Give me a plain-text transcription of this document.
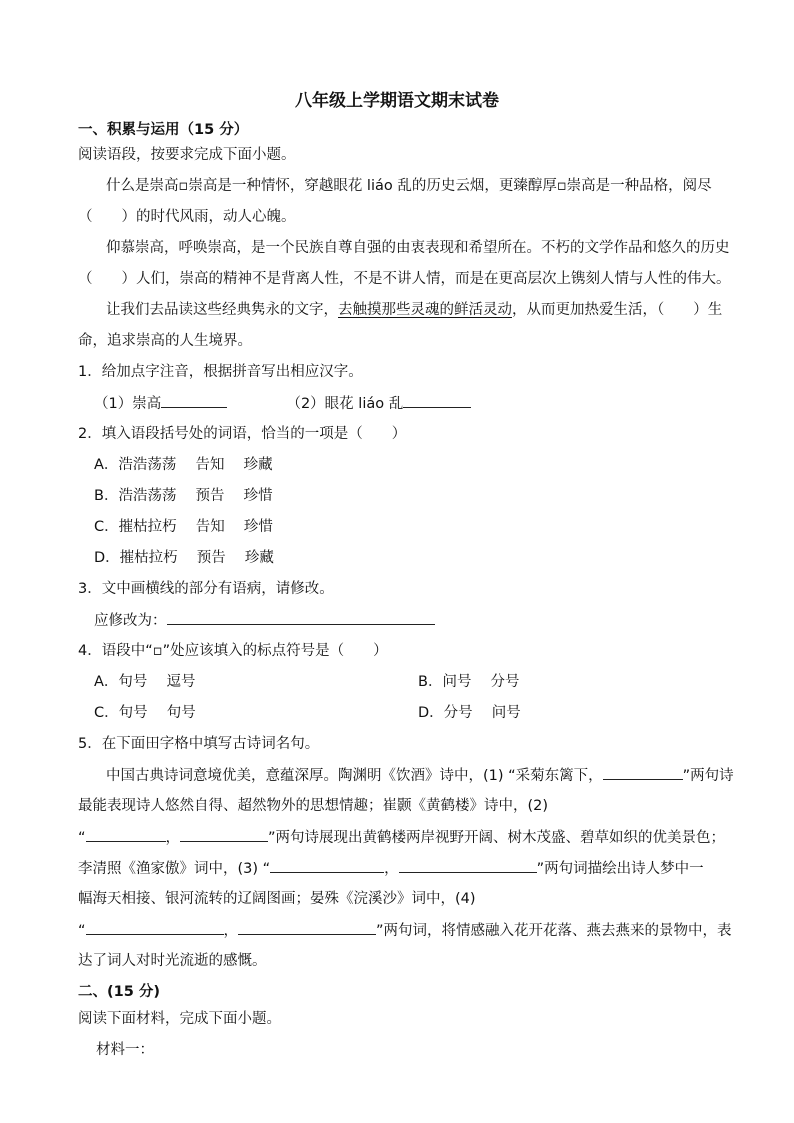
八年级上学期语文期末试卷
一、积累与运用（15 分）
阅读语段，按要求完成下面小题。
什么是崇高▫崇高是一种情怀，穿越眼花 liáo 乱的历史云烟，更臻醇厚▫崇高是一种品格，阅尽
（　　）的时代风雨，动人心魄。
仰慕崇高，呼唤崇高，是一个民族自尊自强的由衷表现和希望所在。不朽的文学作品和悠久的历史
（　　）人们，崇高的精神不是背离人性，不是不讲人情，而是在更高层次上镌刻人情与人性的伟大。
让我们去品读这些经典隽永的文字，去触摸那些灵魂的鲜活灵动，从而更加热爱生活，（　　）生
命，追求崇高的人生境界。
1．给加点字注音，根据拼音写出相应汉字。
（1）崇高	（2）眼花 liáo 乱
2．填入语段括号处的词语，恰当的一项是（　　）
A．浩浩荡荡　 告知　 珍藏
B．浩浩荡荡　 预告　 珍惜
C．摧枯拉朽　 告知　 珍惜
D．摧枯拉朽　 预告　 珍藏
3．文中画横线的部分有语病，请修改。
应修改为：
4．语段中“▫”处应该填入的标点符号是（　　）
A．句号　 逗号	B．问号　 分号
C．句号　 句号	D．分号　 问号
5．在下面田字格中填写古诗词名句。
中国古典诗词意境优美，意蕴深厚。陶渊明《饮酒》诗中，(1) “采菊东篱下，	”两句诗
最能表现诗人悠然自得、超然物外的思想情趣；崔颢《黄鹤楼》诗中，(2)
“	，	”两句诗展现出黄鹤楼两岸视野开阔、树木茂盛、碧草如织的优美景色；
李清照《渔家傲》词中，(3) “	，	”两句词描绘出诗人梦中一
幅海天相接、银河流转的辽阔图画；晏殊《浣溪沙》词中，(4)
“	，	”两句词，将情感融入花开花落、燕去燕来的景物中，表
达了词人对时光流逝的感慨。
二、(15 分)
阅读下面材料，完成下面小题。
材料一：
